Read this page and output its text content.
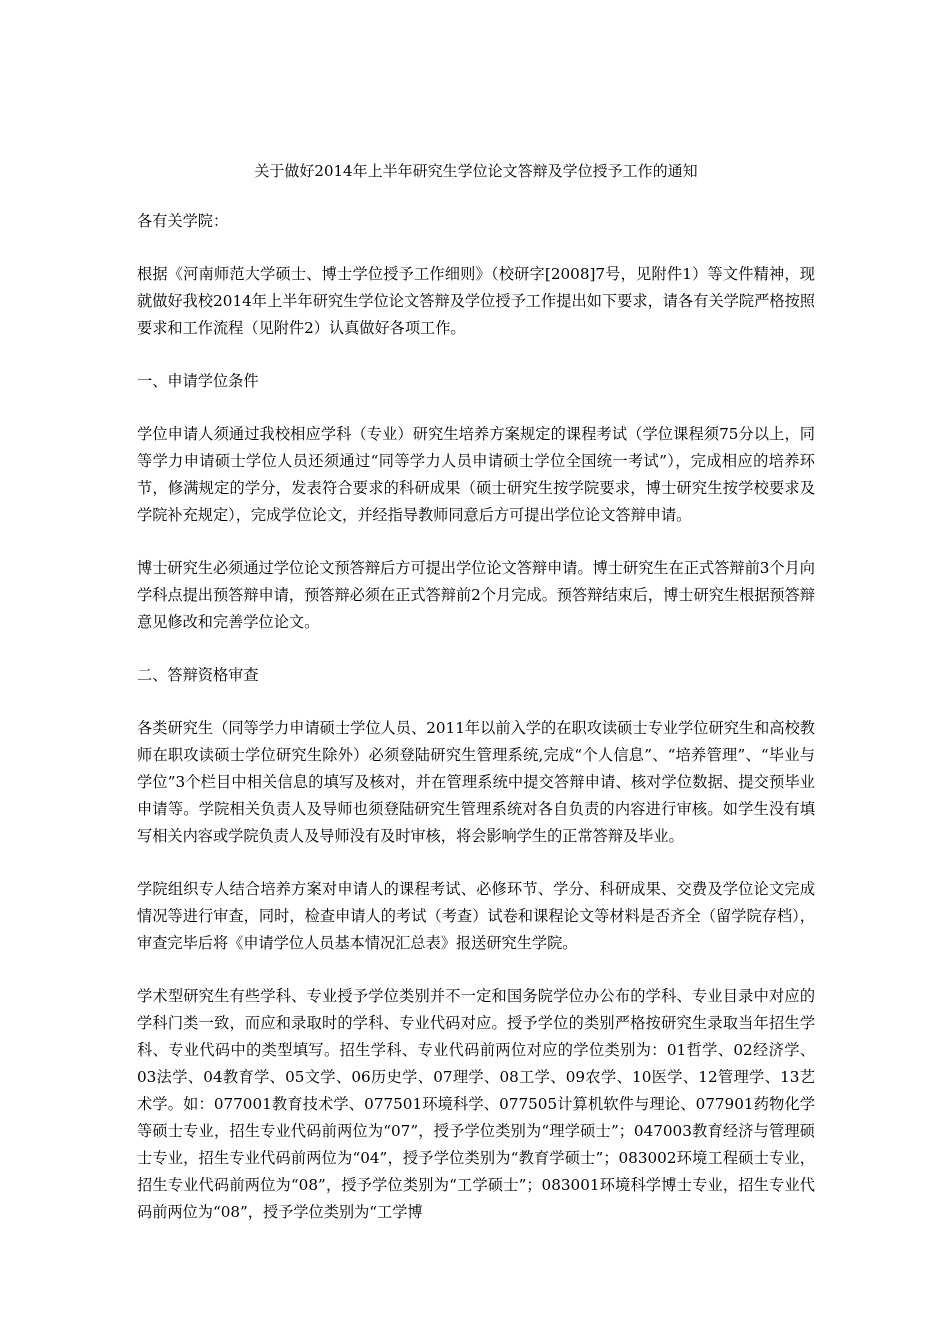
关于做好2014年上半年研究生学位论文答辩及学位授予工作的通知

各有关学院：

根据《河南师范大学硕士、博士学位授予工作细则》（校研字[2008]7号，见附件1）等文件精神，现就做好我校2014年上半年研究生学位论文答辩及学位授予工作提出如下要求，请各有关学院严格按照要求和工作流程（见附件2）认真做好各项工作。

一、申请学位条件

学位申请人须通过我校相应学科（专业）研究生培养方案规定的课程考试（学位课程须75分以上，同等学力申请硕士学位人员还须通过“同等学力人员申请硕士学位全国统一考试”），完成相应的培养环节，修满规定的学分，发表符合要求的科研成果（硕士研究生按学院要求，博士研究生按学校要求及学院补充规定），完成学位论文，并经指导教师同意后方可提出学位论文答辩申请。

博士研究生必须通过学位论文预答辩后方可提出学位论文答辩申请。博士研究生在正式答辩前3个月向学科点提出预答辩申请，预答辩必须在正式答辩前2个月完成。预答辩结束后，博士研究生根据预答辩意见修改和完善学位论文。

二、答辩资格审查

各类研究生（同等学力申请硕士学位人员、2011年以前入学的在职攻读硕士专业学位研究生和高校教师在职攻读硕士学位研究生除外）必须登陆研究生管理系统,完成“个人信息”、“培养管理”、“毕业与学位”3个栏目中相关信息的填写及核对，并在管理系统中提交答辩申请、核对学位数据、提交预毕业申请等。学院相关负责人及导师也须登陆研究生管理系统对各自负责的内容进行审核。如学生没有填写相关内容或学院负责人及导师没有及时审核，将会影响学生的正常答辩及毕业。

学院组织专人结合培养方案对申请人的课程考试、必修环节、学分、科研成果、交费及学位论文完成情况等进行审查，同时，检查申请人的考试（考查）试卷和课程论文等材料是否齐全（留学院存档），审查完毕后将《申请学位人员基本情况汇总表》报送研究生学院。

学术型研究生有些学科、专业授予学位类别并不一定和国务院学位办公布的学科、专业目录中对应的学科门类一致，而应和录取时的学科、专业代码对应。授予学位的类别严格按研究生录取当年招生学科、专业代码中的类型填写。招生学科、专业代码前两位对应的学位类别为：01哲学、02经济学、03法学、04教育学、05文学、06历史学、07理学、08工学、09农学、10医学、12管理学、13艺术学。如：077001教育技术学、077501环境科学、077505计算机软件与理论、077901药物化学等硕士专业，招生专业代码前两位为“07”，授予学位类别为“理学硕士”；047003教育经济与管理硕士专业，招生专业代码前两位为“04”，授予学位类别为“教育学硕士”；083002环境工程硕士专业，招生专业代码前两位为“08”，授予学位类别为“工学硕士”；083001环境科学博士专业，招生专业代码前两位为“08”，授予学位类别为“工学博
